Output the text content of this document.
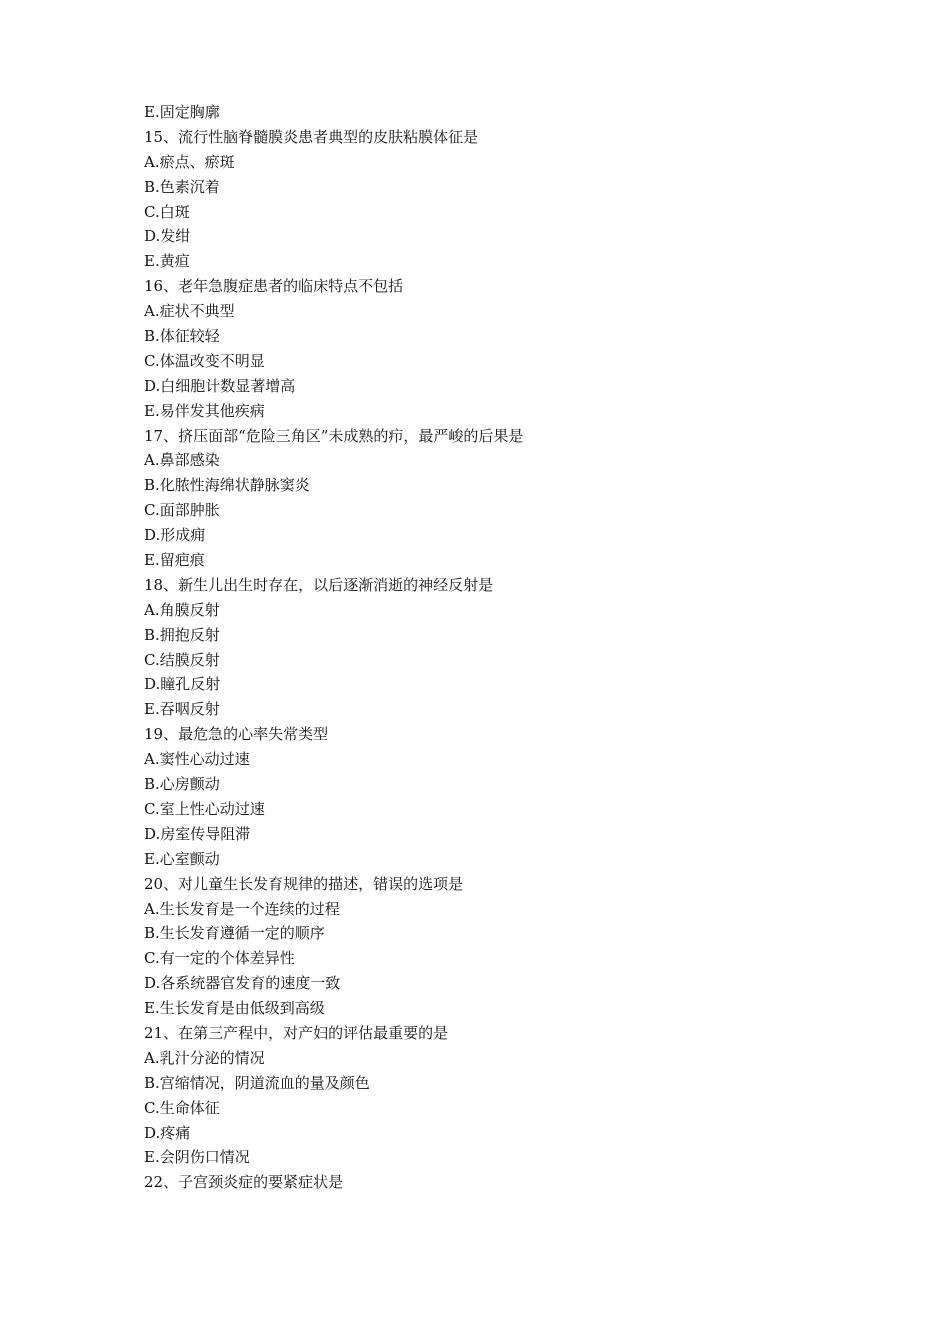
E.固定胸廓
15、流行性脑脊髓膜炎患者典型的皮肤粘膜体征是
A.瘀点、瘀斑
B.色素沉着
C.白斑
D.发绀
E.黄疸
16、老年急腹症患者的临床特点不包括
A.症状不典型
B.体征较轻
C.体温改变不明显
D.白细胞计数显著增高
E.易伴发其他疾病
17、挤压面部“危险三角区”未成熟的疖，最严峻的后果是
A.鼻部感染
B.化脓性海绵状静脉窦炎
C.面部肿胀
D.形成痈
E.留疤痕
18、新生儿出生时存在，以后逐渐消逝的神经反射是
A.角膜反射
B.拥抱反射
C.结膜反射
D.瞳孔反射
E.吞咽反射
19、最危急的心率失常类型
A.窦性心动过速
B.心房颤动
C.室上性心动过速
D.房室传导阻滞
E.心室颤动
20、对儿童生长发育规律的描述，错误的选项是
A.生长发育是一个连续的过程
B.生长发育遵循一定的顺序
C.有一定的个体差异性
D.各系统器官发育的速度一致
E.生长发育是由低级到高级
21、在第三产程中，对产妇的评估最重要的是
A.乳汁分泌的情况
B.宫缩情况，阴道流血的量及颜色
C.生命体征
D.疼痛
E.会阴伤口情况
22、子宫颈炎症的要紧症状是
